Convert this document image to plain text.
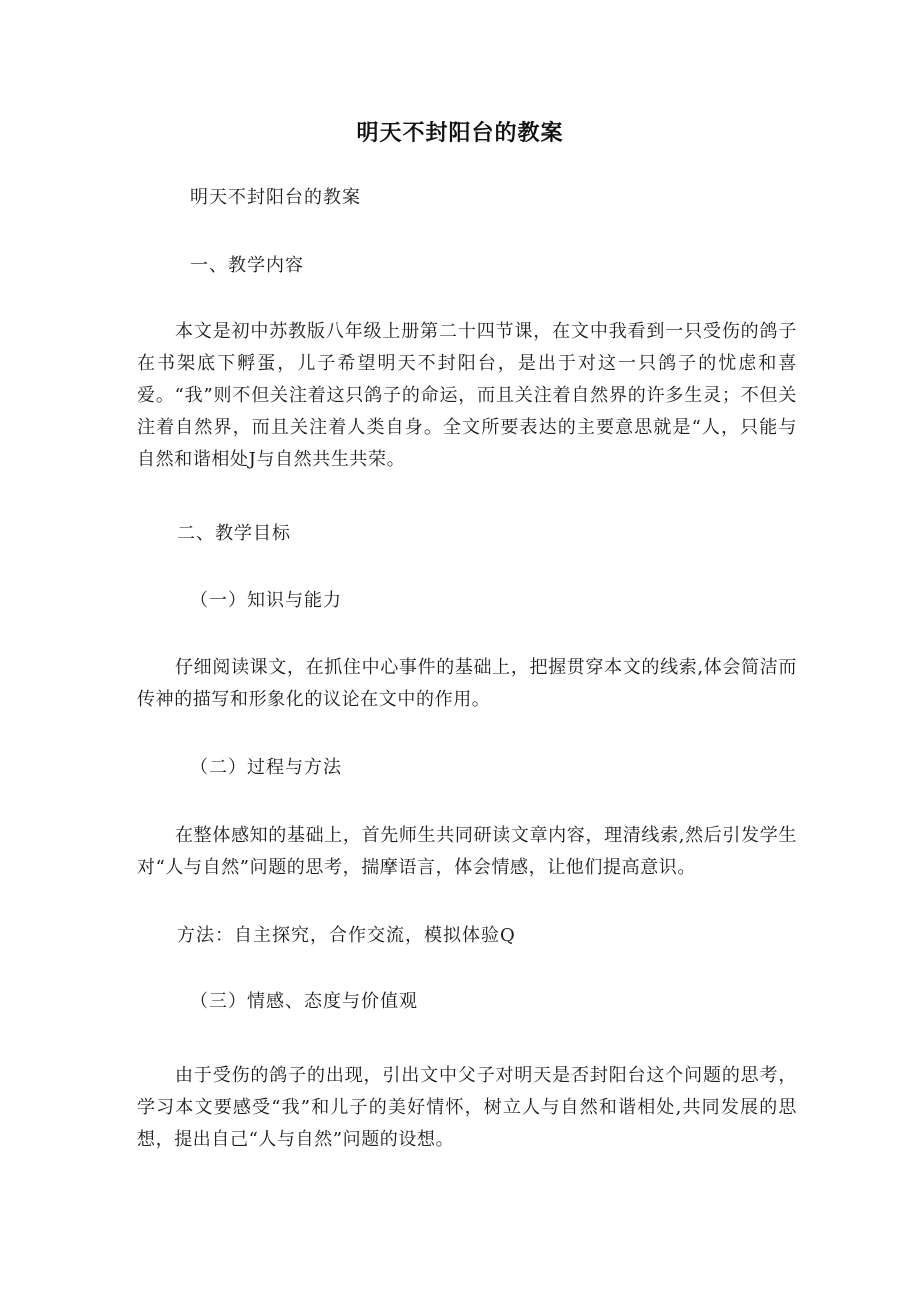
明天不封阳台的教案
明天不封阳台的教案
一、教学内容
本文是初中苏教版八年级上册第二十四节课，在文中我看到一只受伤的鸽子在书架底下孵蛋，儿子希望明天不封阳台，是出于对这一只鸽子的忧虑和喜爱。“我”则不但关注着这只鸽子的命运，而且关注着自然界的许多生灵；不但关注着自然界，而且关注着人类自身。全文所要表达的主要意思就是“人，只能与自然和谐相处J与自然共生共荣。
二、教学目标
（一）知识与能力
仔细阅读课文，在抓住中心事件的基础上，把握贯穿本文的线索,体会简洁而传神的描写和形象化的议论在文中的作用。
（二）过程与方法
在整体感知的基础上，首先师生共同研读文章内容，理清线索,然后引发学生对“人与自然”问题的思考，揣摩语言，体会情感，让他们提高意识。
方法：自主探究，合作交流，模拟体验Q
（三）情感、态度与价值观
由于受伤的鸽子的出现，引出文中父子对明天是否封阳台这个问题的思考，学习本文要感受“我”和儿子的美好情怀，树立人与自然和谐相处,共同发展的思想，提出自己“人与自然”问题的设想。
